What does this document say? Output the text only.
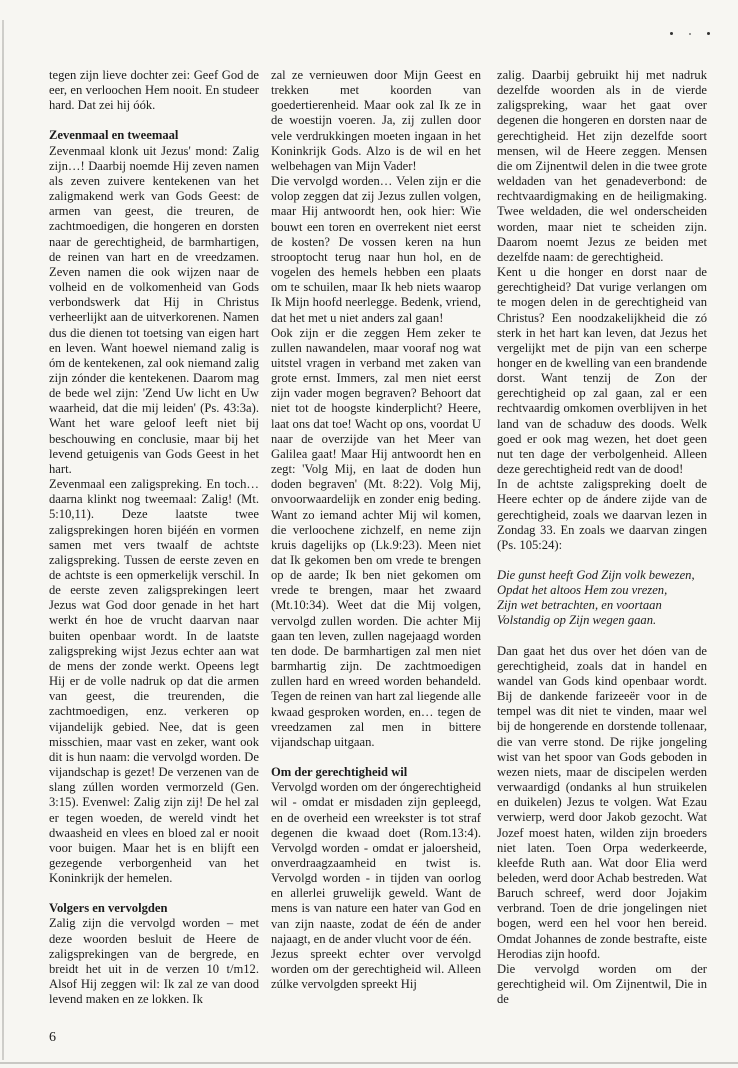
tegen zijn lieve dochter zei: Geef God de eer, en verloochen Hem nooit. En studeer hard. Dat zei hij óók.

Zevenmaal en tweemaal

Zevenmaal klonk uit Jezus' mond: Zalig zijn…! Daarbij noemde Hij zeven namen als zeven zuivere kentekenen van het zaligmakend werk van Gods Geest: de armen van geest, die treuren, de zachtmoedigen, die hongeren en dorsten naar de gerechtigheid, de barmhartigen, de reinen van hart en de vreedzamen. Zeven namen die ook wijzen naar de volheid en de volkomenheid van Gods verbondswerk dat Hij in Christus verheerlijkt aan de uitverkorenen. Namen dus die dienen tot toetsing van eigen hart en leven. Want hoewel niemand zalig is óm de kentekenen, zal ook niemand zalig zijn zónder die kentekenen. Daarom mag de bede wel zijn: 'Zend Uw licht en Uw waarheid, dat die mij leiden' (Ps. 43:3a). Want het ware geloof leeft niet bij beschouwing en conclusie, maar bij het levend getuigenis van Gods Geest in het hart.

Zevenmaal een zaligspreking. En toch… daarna klinkt nog tweemaal: Zalig! (Mt. 5:10,11). Deze laatste twee zaligsprekingen horen bijéén en vormen samen met vers twaalf de achtste zaligspreking. Tussen de eerste zeven en de achtste is een opmerkelijk verschil. In de eerste zeven zaligsprekingen leert Jezus wat God door genade in het hart werkt én hoe de vrucht daarvan naar buiten openbaar wordt. In de laatste zaligspreking wijst Jezus echter aan wat de mens der zonde werkt. Opeens legt Hij er de volle nadruk op dat die armen van geest, die treurenden, die zachtmoedigen, enz. verkeren op vijandelijk gebied. Nee, dat is geen misschien, maar vast en zeker, want ook dit is hun naam: die vervolgd worden. De vijandschap is gezet! De verzenen van de slang zúllen worden vermorzeld (Gen. 3:15). Evenwel: Zalig zijn zij! De hel zal er tegen woeden, de wereld vindt het dwaasheid en vlees en bloed zal er nooit voor buigen. Maar het is en blijft een gezegende verborgenheid van het Koninkrijk der hemelen.

Volgers en vervolgden

Zalig zijn die vervolgd worden – met deze woorden besluit de Heere de zaligsprekingen van de bergrede, en breidt het uit in de verzen 10 t/m12. Alsof Hij zeggen wil: Ik zal ze van dood levend maken en ze lokken. Ik

zal ze vernieuwen door Mijn Geest en trekken met koorden van goedertierenheid. Maar ook zal Ik ze in de woestijn voeren. Ja, zij zullen door vele verdrukkingen moeten ingaan in het Koninkrijk Gods. Alzo is de wil en het welbehagen van Mijn Vader!

Die vervolgd worden… Velen zijn er die volop zeggen dat zij Jezus zullen volgen, maar Hij antwoordt hen, ook hier: Wie bouwt een toren en overrekent niet eerst de kosten? De vossen keren na hun strooptocht terug naar hun hol, en de vogelen des hemels hebben een plaats om te schuilen, maar Ik heb niets waarop Ik Mijn hoofd neerlegge. Bedenk, vriend, dat het met u niet anders zal gaan!

Ook zijn er die zeggen Hem zeker te zullen nawandelen, maar vooraf nog wat uitstel vragen in verband met zaken van grote ernst. Immers, zal men niet eerst zijn vader mogen begraven? Behoort dat niet tot de hoogste kinderplicht? Heere, laat ons dat toe! Wacht op ons, voordat U naar de overzijde van het Meer van Galilea gaat! Maar Hij antwoordt hen en zegt: 'Volg Mij, en laat de doden hun doden begraven' (Mt. 8:22). Volg Mij, onvoorwaardelijk en zonder enig beding. Want zo iemand achter Mij wil komen, die verloochene zichzelf, en neme zijn kruis dagelijks op (Lk.9:23). Meen niet dat Ik gekomen ben om vrede te brengen op de aarde; Ik ben niet gekomen om vrede te brengen, maar het zwaard (Mt.10:34). Weet dat die Mij volgen, vervolgd zullen worden. Die achter Mij gaan ten leven, zullen nagejaagd worden ten dode. De barmhartigen zal men niet barmhartig zijn. De zachtmoedigen zullen hard en wreed worden behandeld. Tegen de reinen van hart zal liegende alle kwaad gesproken worden, en… tegen de vreedzamen zal men in bittere vijandschap uitgaan.

Om der gerechtigheid wil

Vervolgd worden om der óngerechtigheid wil - omdat er misdaden zijn gepleegd, en de overheid een wreekster is tot straf degenen die kwaad doet (Rom.13:4). Vervolgd worden - omdat er jaloersheid, onverdraagzaamheid en twist is. Vervolgd worden - in tijden van oorlog en allerlei gruwelijk geweld. Want de mens is van nature een hater van God en van zijn naaste, zodat de één de ander najaagt, en de ander vlucht voor de één.

Jezus spreekt echter over vervolgd worden om der gerechtigheid wil. Alleen zúlke vervolgden spreekt Hij

zalig. Daarbij gebruikt hij met nadruk dezelfde woorden als in de vierde zaligspreking, waar het gaat over degenen die hongeren en dorsten naar de gerechtigheid. Het zijn dezelfde soort mensen, wil de Heere zeggen. Mensen die om Zijnentwil delen in die twee grote weldaden van het genadeverbond: de rechtvaardigmaking en de heiligmaking. Twee weldaden, die wel onderscheiden worden, maar niet te scheiden zijn. Daarom noemt Jezus ze beiden met dezelfde naam: de gerechtigheid.

Kent u die honger en dorst naar de gerechtigheid? Dat vurige verlangen om te mogen delen in de gerechtigheid van Christus? Een noodzakelijkheid die zó sterk in het hart kan leven, dat Jezus het vergelijkt met de pijn van een scherpe honger en de kwelling van een brandende dorst. Want tenzij de Zon der gerechtigheid op zal gaan, zal er een rechtvaardig omkomen overblijven in het land van de schaduw des doods. Welk goed er ook mag wezen, het doet geen nut ten dage der verbolgenheid. Alleen deze gerechtigheid redt van de dood!

In de achtste zaligspreking doelt de Heere echter op de ándere zijde van de gerechtigheid, zoals we daarvan lezen in Zondag 33. En zoals we daarvan zingen (Ps. 105:24):

Die gunst heeft God Zijn volk bewezen,
Opdat het altoos Hem zou vrezen,
Zijn wet betrachten, en voortaan
Volstandig op Zijn wegen gaan.

Dan gaat het dus over het dóen van de gerechtigheid, zoals dat in handel en wandel van Gods kind openbaar wordt. Bij de dankende farizeeër voor in de tempel was dit niet te vinden, maar wel bij de hongerende en dorstende tollenaar, die van verre stond. De rijke jongeling wist van het spoor van Gods geboden in wezen niets, maar de discipelen werden verwaardigd (ondanks al hun struikelen en duikelen) Jezus te volgen. Wat Ezau verwierp, werd door Jakob gezocht. Wat Jozef moest haten, wilden zijn broeders niet laten. Toen Orpa wederkeerde, kleefde Ruth aan. Wat door Elia werd beleden, werd door Achab bestreden. Wat Baruch schreef, werd door Jojakim verbrand. Toen de drie jongelingen niet bogen, werd een hel voor hen bereid. Omdat Johannes de zonde bestrafte, eiste Herodias zijn hoofd.

Die vervolgd worden om der gerechtigheid wil. Om Zijnentwil, Die in de

6
